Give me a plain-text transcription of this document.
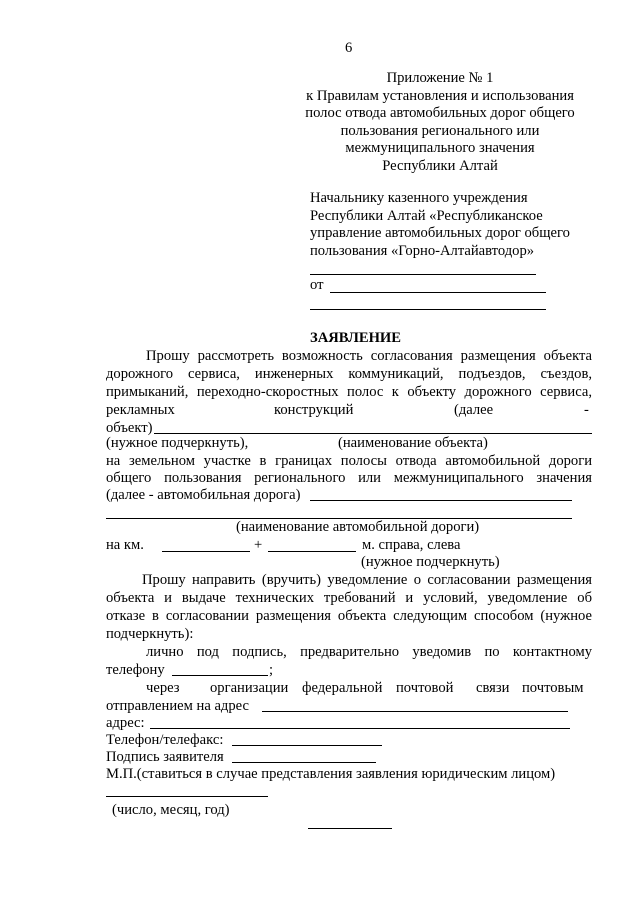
6
Приложение № 1
к Правилам установления и использования
полос отвода автомобильных дорог общего
пользования регионального или
межмуниципального значения
Республики Алтай
Начальнику казенного учреждения
Республики Алтай «Республиканское
управление автомобильных дорог общего
пользования «Горно-Алтайавтодор»
от
ЗАЯВЛЕНИЕ
Прошу рассмотреть возможность согласования размещения объекта
дорожного сервиса, инженерных коммуникаций, подъездов, съездов,
примыканий, переходно-скоростных полос к объекту дорожного сервиса,
рекламных	конструкций	(далее	-
объект)
(нужное подчеркнуть),	(наименование объекта)
на земельном участке в границах полосы отвода автомобильной дороги
общего пользования регионального или межмуниципального значения
(далее - автомобильная дорога)
(наименование автомобильной дороги)
на км.	+	м. справа, слева
(нужное подчеркнуть)
Прошу направить (вручить) уведомление о согласовании размещения
объекта и выдаче технических требований и условий, уведомление об
отказе в согласовании размещения объекта следующим способом (нужное
подчеркнуть):
лично под подпись, предварительно уведомив по контактному
телефону	;
через организации федеральной почтовой связи почтовым
отправлением на адрес
адрес:
Телефон/телефакс:
Подпись заявителя
М.П.(ставиться в случае представления заявления юридическим лицом)
(число, месяц, год)
